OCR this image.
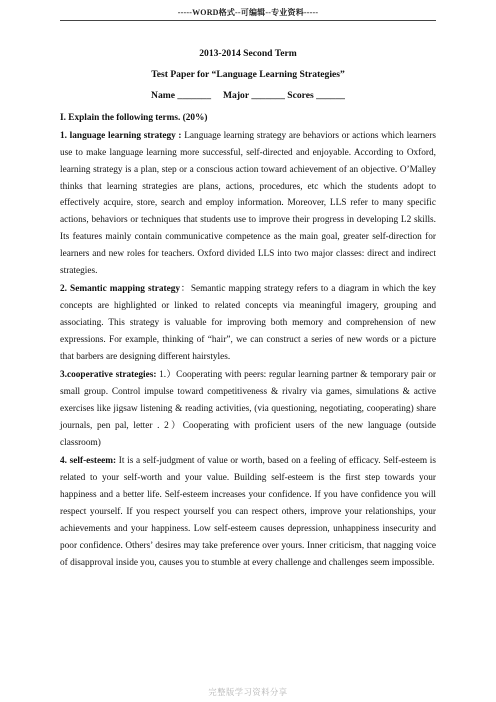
-----WORD格式--可编辑--专业资料-----
2013-2014 Second Term
Test Paper for “Language Learning Strategies”
Name _______     Major _______ Scores ______
I. Explain the following terms. (20%)
1. language learning strategy : Language learning strategy are behaviors or actions which learners use to make language learning more successful, self-directed and enjoyable. According to Oxford, learning strategy is a plan, step or a conscious action toward achievement of an objective. O’Malley thinks that learning strategies are plans, actions, procedures, etc which the students adopt to effectively acquire, store, search and employ information. Moreover, LLS refer to many specific actions, behaviors or techniques that students use to improve their progress in developing L2 skills. Its features mainly contain communicative competence as the main goal, greater self-direction for learners and new roles for teachers. Oxford divided LLS into two major classes: direct and indirect strategies.
2. Semantic mapping strategy：Semantic mapping strategy refers to a diagram in which the key concepts are highlighted or linked to related concepts via meaningful imagery, grouping and associating. This strategy is valuable for improving both memory and comprehension of new expressions. For example, thinking of “hair”, we can construct a series of new words or a picture that barbers are designing different hairstyles.
3.cooperative strategies: 1.）Cooperating with peers: regular learning partner & temporary pair or small group. Control impulse toward competitiveness & rivalry via games, simulations & active exercises like jigsaw listening & reading activities, (via questioning, negotiating, cooperating) share journals, pen pal, letter . 2）Cooperating with proficient users of the new language (outside classroom)
4. self-esteem: It is a self-judgment of value or worth, based on a feeling of efficacy. Self-esteem is related to your self-worth and your value. Building self-esteem is the first step towards your happiness and a better life. Self-esteem increases your confidence. If you have confidence you will respect yourself. If you respect yourself you can respect others, improve your relationships, your achievements and your happiness. Low self-esteem causes depression, unhappiness insecurity and poor confidence. Others’ desires may take preference over yours. Inner criticism, that nagging voice of disapproval inside you, causes you to stumble at every challenge and challenges seem impossible.
完整版学习资料分享
